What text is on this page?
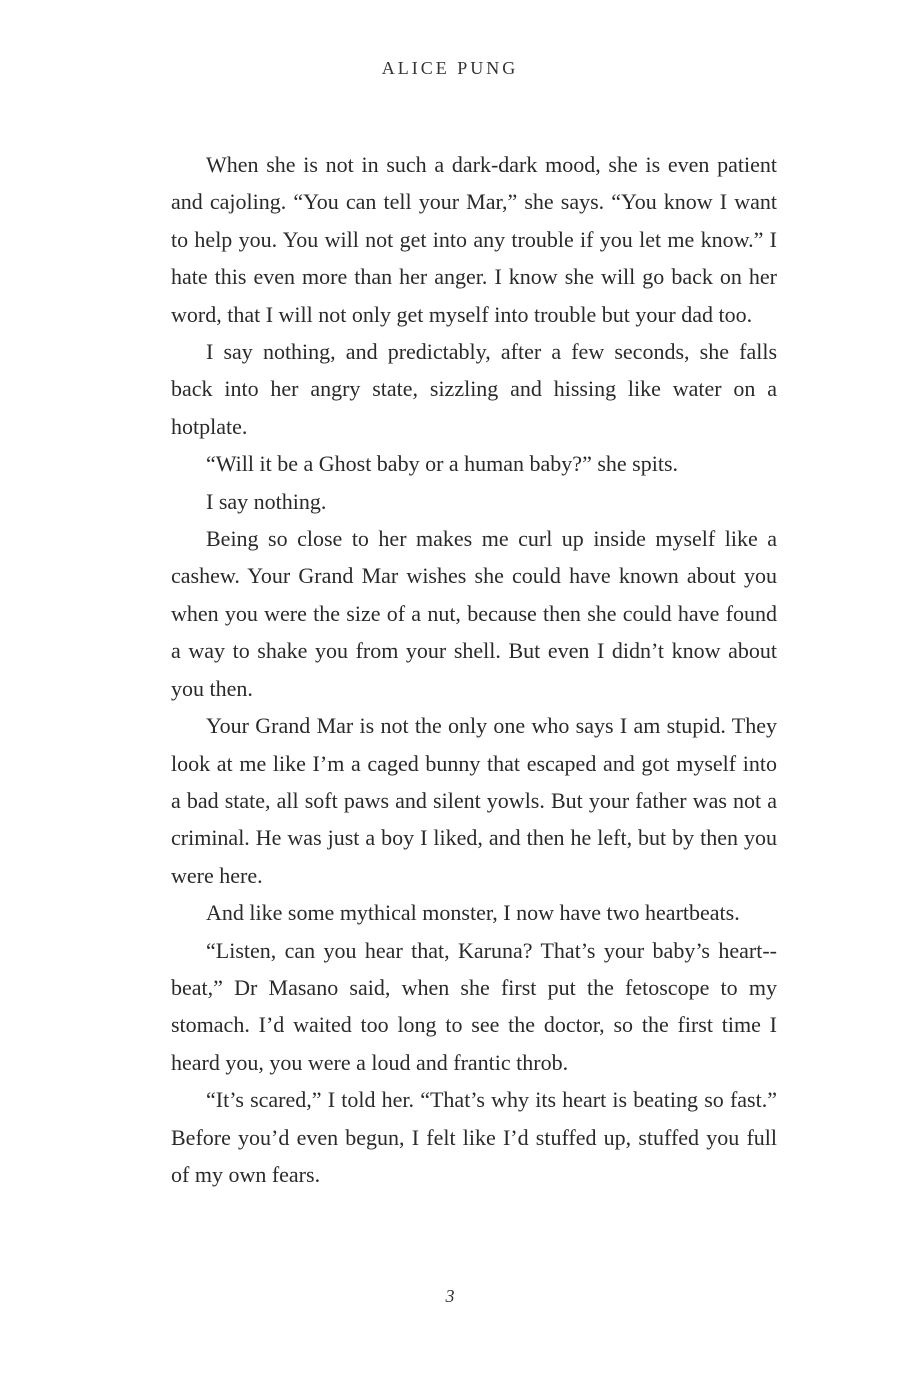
ALICE PUNG

When she is not in such a dark-dark mood, she is even patient and cajoling. “You can tell your Mar,” she says. “You know I want to help you. You will not get into any trouble if you let me know.” I hate this even more than her anger. I know she will go back on her word, that I will not only get myself into trouble but your dad too.

I say nothing, and predictably, after a few seconds, she falls back into her angry state, sizzling and hissing like water on a hotplate.

“Will it be a Ghost baby or a human baby?” she spits.

I say nothing.

Being so close to her makes me curl up inside myself like a cashew. Your Grand Mar wishes she could have known about you when you were the size of a nut, because then she could have found a way to shake you from your shell. But even I didn’t know about you then.

Your Grand Mar is not the only one who says I am stupid. They look at me like I’m a caged bunny that escaped and got myself into a bad state, all soft paws and silent yowls. But your father was not a criminal. He was just a boy I liked, and then he left, but by then you were here.

And like some mythical monster, I now have two heartbeats.

“Listen, can you hear that, Karuna? That’s your baby’s heart-beat,” Dr Masano said, when she first put the fetoscope to my stomach. I’d waited too long to see the doctor, so the first time I heard you, you were a loud and frantic throb.

“It’s scared,” I told her. “That’s why its heart is beating so fast.” Before you’d even begun, I felt like I’d stuffed up, stuffed you full of my own fears.

3
